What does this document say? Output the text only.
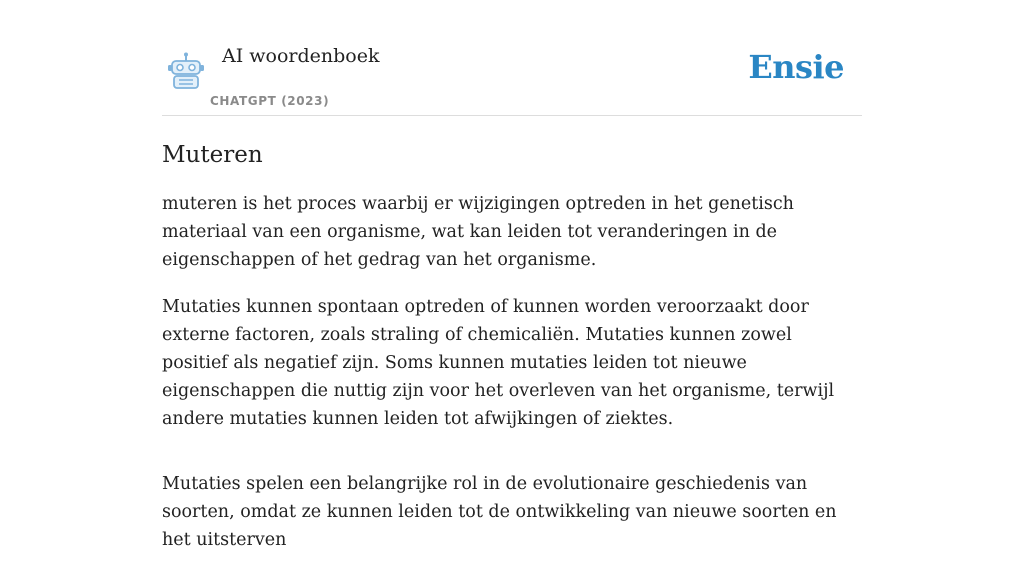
AI woordenboek
CHATGPT (2023)
Ensie
Muteren

muteren is het proces waarbij er wijzigingen optreden in het genetisch materiaal van een organisme, wat kan leiden tot veranderingen in de eigenschappen of het gedrag van het organisme.

Mutaties kunnen spontaan optreden of kunnen worden veroorzaakt door externe factoren, zoals straling of chemicaliën. Mutaties kunnen zowel positief als negatief zijn. Soms kunnen mutaties leiden tot nieuwe eigenschappen die nuttig zijn voor het overleven van het organisme, terwijl andere mutaties kunnen leiden tot afwijkingen of ziektes.

Mutaties spelen een belangrijke rol in de evolutionaire geschiedenis van soorten, omdat ze kunnen leiden tot de ontwikkeling van nieuwe soorten en het uitsterven
